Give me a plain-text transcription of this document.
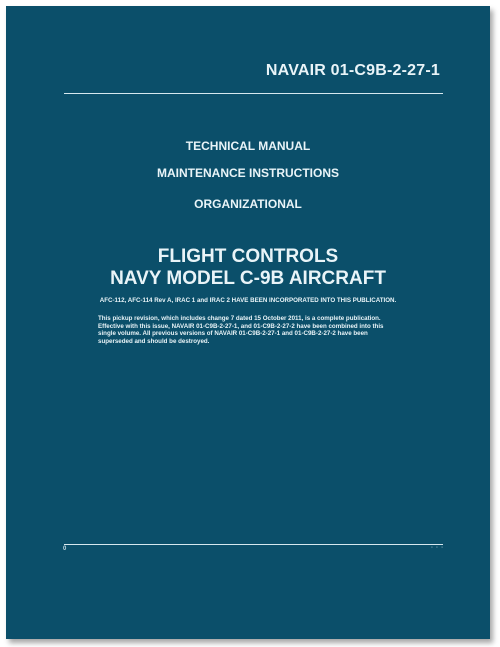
NAVAIR 01-C9B-2-27-1
TECHNICAL MANUAL
MAINTENANCE INSTRUCTIONS
ORGANIZATIONAL
FLIGHT CONTROLS
NAVY MODEL C-9B AIRCRAFT
AFC-112, AFC-114 Rev A, IRAC 1 and IRAC 2 HAVE BEEN INCORPORATED INTO THIS PUBLICATION.
This pickup revision, which includes change 7 dated 15 October 2011, is a complete publication.
Effective with this issue, NAVAIR 01-C9B-2-27-1, and 01-C9B-2-27-2 have been combined into this
single volume. All previous versions of NAVAIR 01-C9B-2-27-1 and 01-C9B-2-27-2 have been
superseded and should be destroyed.
0	· · ·
